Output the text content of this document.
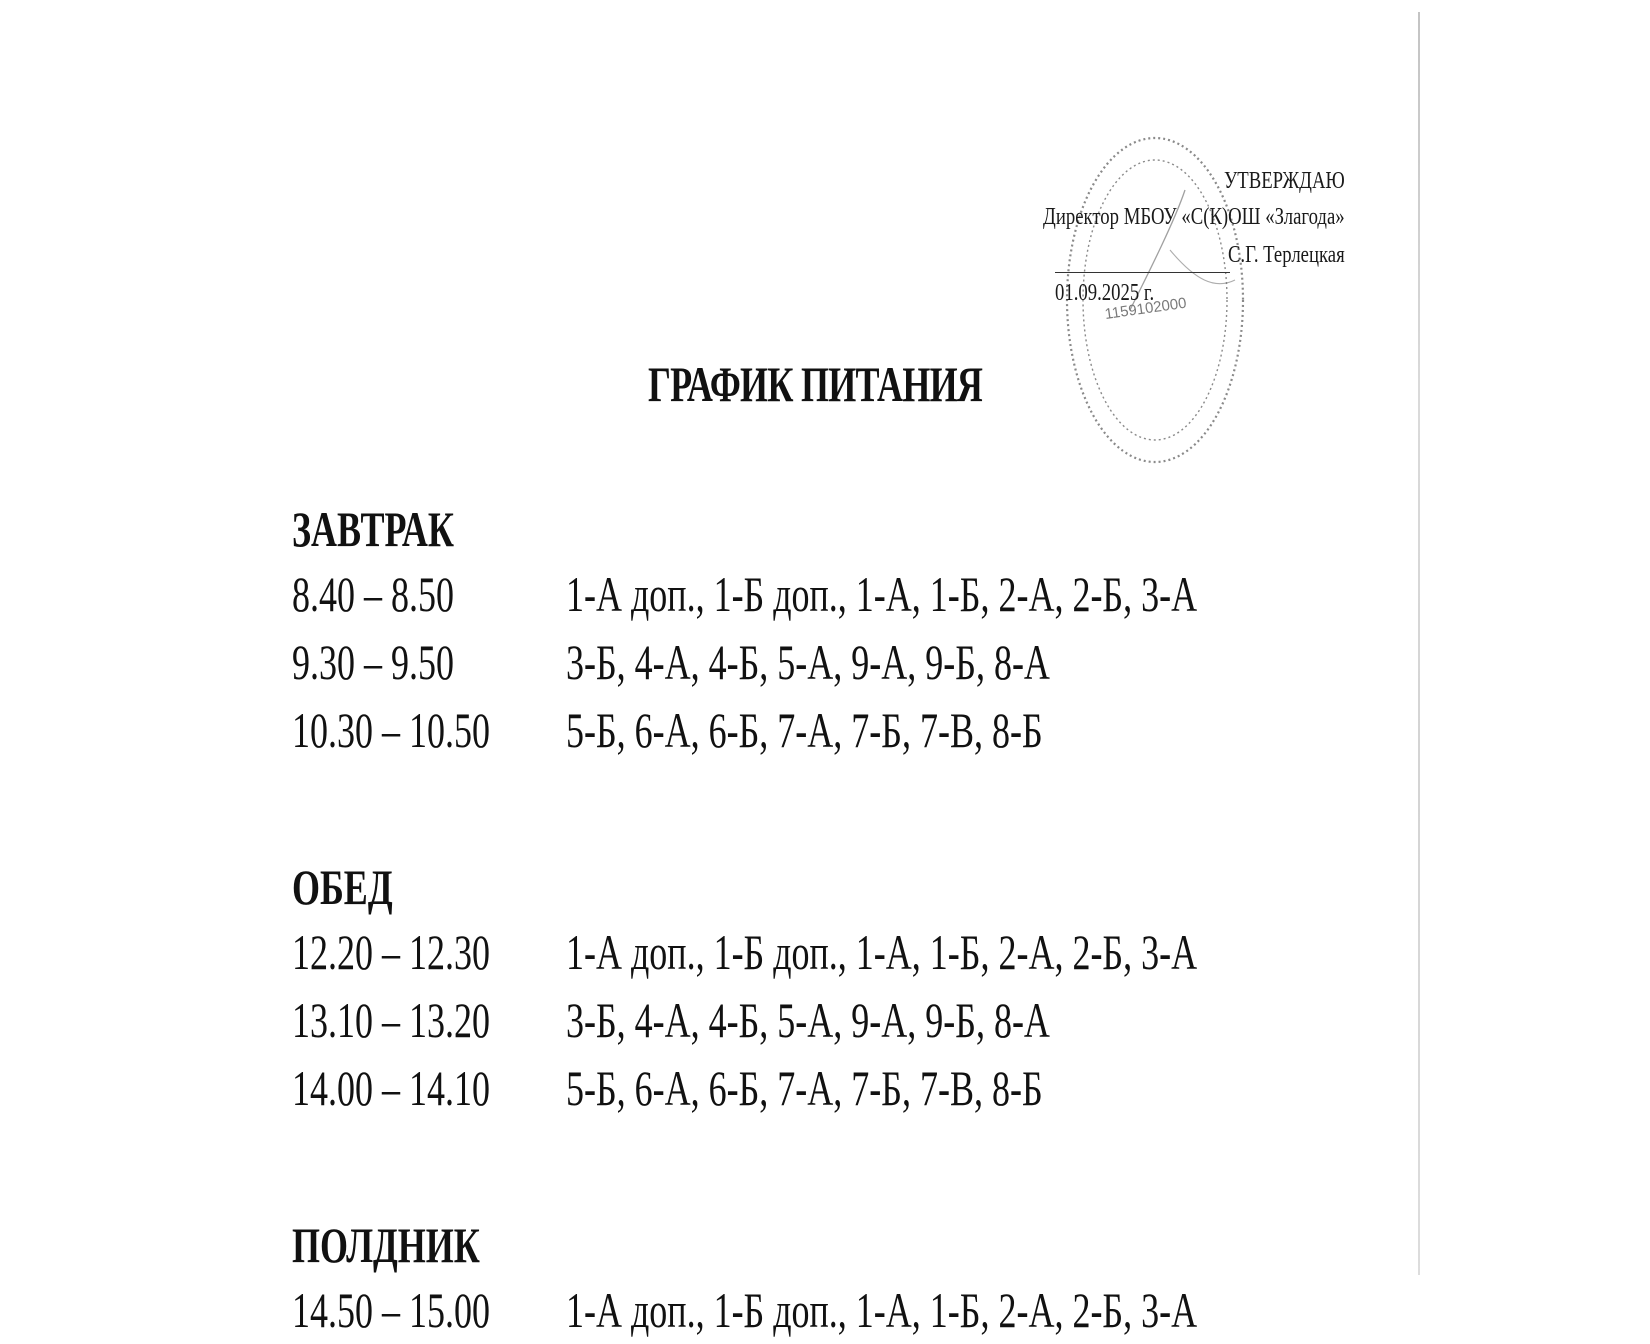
1159102000
УТВЕРЖДАЮ
Директор МБОУ «С(К)ОШ «Злагода»
С.Г. Терлецкая
01.09.2025 г.
ГРАФИК ПИТАНИЯ
ЗАВТРАК
8.40 – 8.50 1-А доп., 1-Б доп., 1-А, 1-Б, 2-А, 2-Б, 3-А
9.30 – 9.50 3-Б, 4-А, 4-Б, 5-А, 9-А, 9-Б, 8-А
10.30 – 10.50 5-Б, 6-А, 6-Б, 7-А, 7-Б, 7-В, 8-Б
ОБЕД
12.20 – 12.30 1-А доп., 1-Б доп., 1-А, 1-Б, 2-А, 2-Б, 3-А
13.10 – 13.20 3-Б, 4-А, 4-Б, 5-А, 9-А, 9-Б, 8-А
14.00 – 14.10 5-Б, 6-А, 6-Б, 7-А, 7-Б, 7-В, 8-Б
ПОЛДНИК
14.50 – 15.00 1-А доп., 1-Б доп., 1-А, 1-Б, 2-А, 2-Б, 3-А
